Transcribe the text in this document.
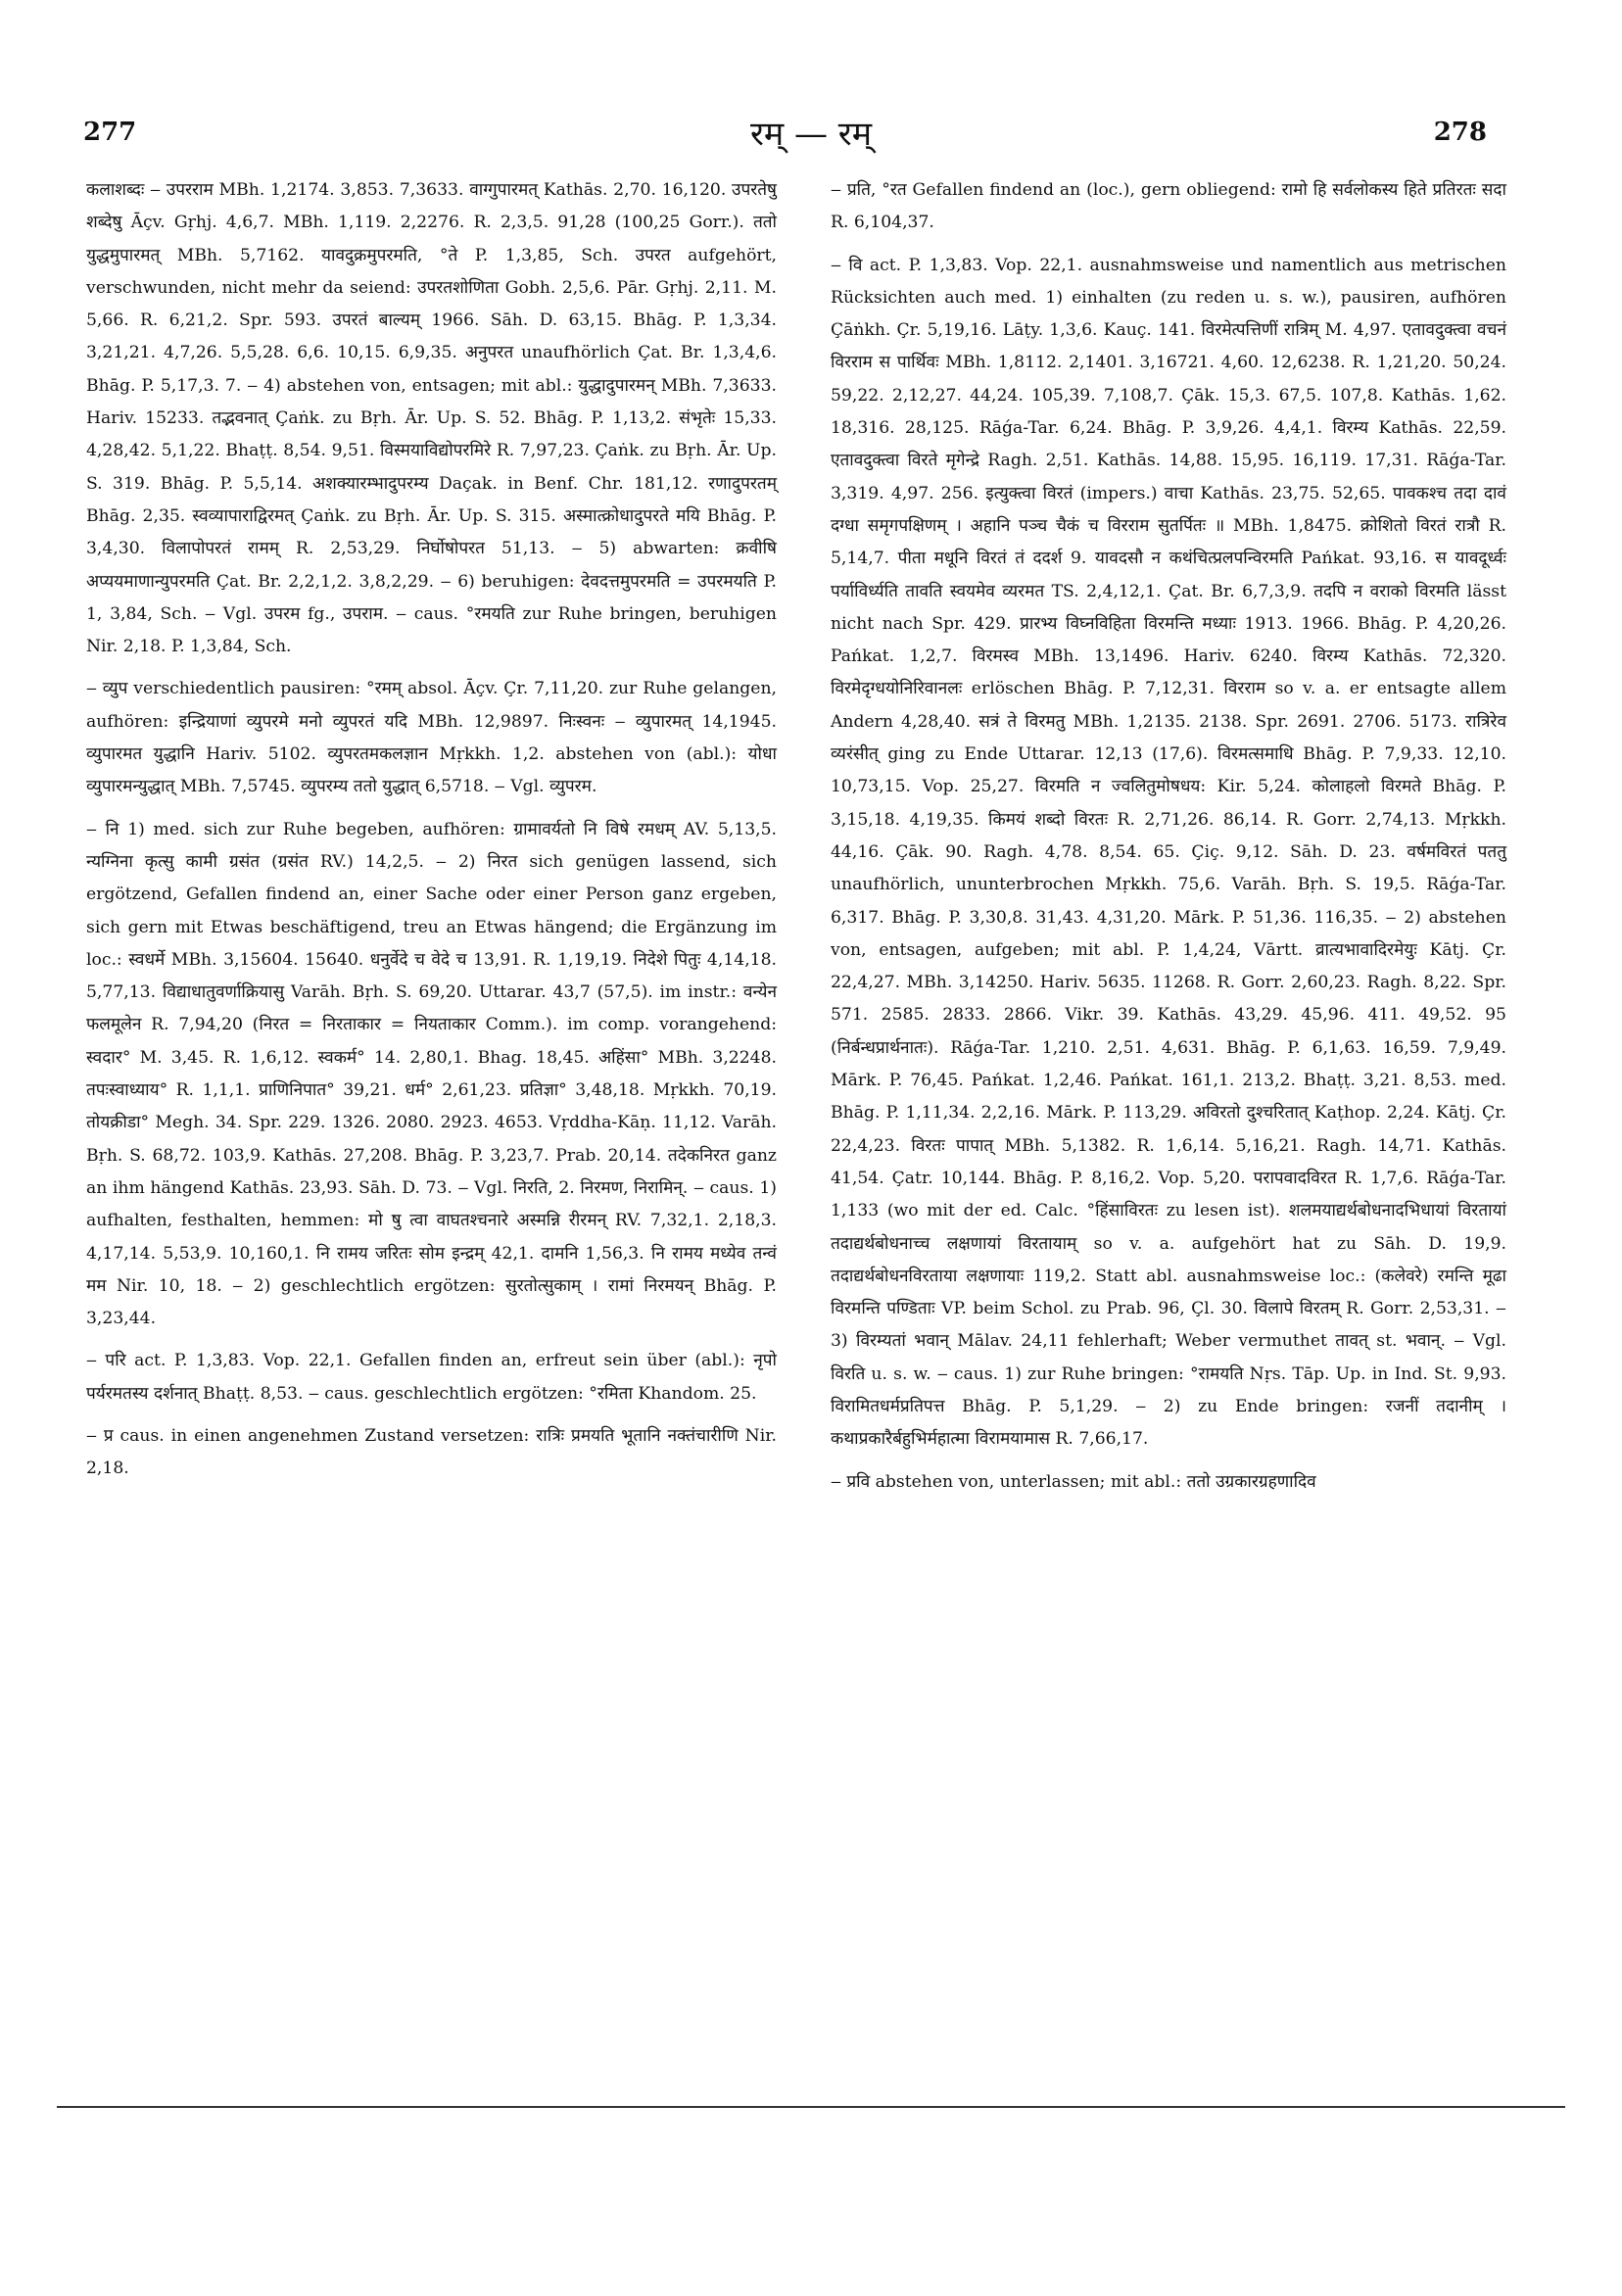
277	रम् — रम्	278

कलाशब्दः ‒ उपरराम MBh. 1,2174. 3,853. 7,3633. वाग्गुपारमत् Kathās. 2,70. 16,120. उपरतेषु शब्देषु Āçv. Gṛhj. 4,6,7. MBh. 1,119. 2,2276. R. 2,3,5. 91,28 (100,25 Gorr.). ततो युद्धमुपारमत् MBh. 5,7162. यावदुक्रमुपरमति, °ते P. 1,3,85, Sch. उपरत aufgehört, verschwunden, nicht mehr da seiend: उपरतशोणिता Gobh. 2,5,6. Pār. Gṛhj. 2,11. M. 5,66. R. 6,21,2. Spr. 593. उपरतं बाल्यम् 1966. Sāh. D. 63,15. Bhāg. P. 1,3,34. 3,21,21. 4,7,26. 5,5,28. 6,6. 10,15. 6,9,35. अनुपरत unaufhörlich Çat. Br. 1,3,4,6. Bhāg. P. 5,17,3. 7. ‒ 4) abstehen von, entsagen; mit abl.: युद्धादुपारमन् MBh. 7,3633. Hariv. 15233. तद्भवनात् Çaṅk. zu Bṛh. Ār. Up. S. 52. Bhāg. P. 1,13,2. संभृतेः 15,33. 4,28,42. 5,1,22. Bhaṭṭ. 8,54. 9,51. विस्मयाविद्योपरमिरे R. 7,97,23. Çaṅk. zu Bṛh. Ār. Up. S. 319. Bhāg. P. 5,5,14. अशक्यारम्भादुपरम्य Daçak. in Benf. Chr. 181,12. रणादुपरतम् Bhāg. 2,35. स्वव्यापाराद्विरमत् Çaṅk. zu Bṛh. Ār. Up. S. 315. अस्मात्क्रोधादुपरते मयि Bhāg. P. 3,4,30. विलापोपरतं रामम् R. 2,53,29. निर्घोषोपरत 51,13. ‒ 5) abwarten: क्रवीषि अप्ययमाणान्युपरमति Çat. Br. 2,2,1,2. 3,8,2,29. ‒ 6) beruhigen: देवदत्तमुपरमति = उपरमयति P. 1, 3,84, Sch. ‒ Vgl. उपरम fg., उपराम. ‒ caus. °रमयति zur Ruhe bringen, beruhigen Nir. 2,18. P. 1,3,84, Sch.

‒ व्युप verschiedentlich pausiren: °रमम् absol. Āçv. Çr. 7,11,20. zur Ruhe gelangen, aufhören: इन्द्रियाणां व्युपरमे मनो व्युपरतं यदि MBh. 12,9897. निःस्वनः ‒ व्युपारमत् 14,1945. व्युपारमत युद्धानि Hariv. 5102. व्युपरतमकलज्ञान Mṛkkh. 1,2. abstehen von (abl.): योधा व्युपारमन्युद्धात् MBh. 7,5745. व्युपरम्य ततो युद्धात् 6,5718. ‒ Vgl. व्युपरम.

‒ नि 1) med. sich zur Ruhe begeben, aufhören: ग्रामावर्यतो नि विषे रमधम् AV. 5,13,5. न्यग्निना कृत्सु कामी ग्रसंत (ग्रसंत RV.) 14,2,5. ‒ 2) निरत sich genügen lassend, sich ergötzend, Gefallen findend an, einer Sache oder einer Person ganz ergeben, sich gern mit Etwas beschäftigend, treu an Etwas hängend; die Ergänzung im loc.: स्वधर्मे MBh. 3,15604. 15640. धनुर्वेदे च वेदे च 13,91. R. 1,19,19. निदेशे पितुः 4,14,18. 5,77,13. विद्याधातुवर्णाक्रियासु Varāh. Bṛh. S. 69,20. Uttarar. 43,7 (57,5). im instr.: वन्येन फलमूलेन R. 7,94,20 (निरत = निरताकार = नियताकार Comm.). im comp. vorangehend: स्वदार° M. 3,45. R. 1,6,12. स्वकर्म° 14. 2,80,1. Bhag. 18,45. अहिंसा° MBh. 3,2248. तपःस्वाध्याय° R. 1,1,1. प्राणिनिपात° 39,21. धर्म° 2,61,23. प्रतिज्ञा° 3,48,18. Mṛkkh. 70,19. तोयक्रीडा° Megh. 34. Spr. 229. 1326. 2080. 2923. 4653. Vṛddha-Kāṇ. 11,12. Varāh. Bṛh. S. 68,72. 103,9. Kathās. 27,208. Bhāg. P. 3,23,7. Prab. 20,14. तदेकनिरत ganz an ihm hängend Kathās. 23,93. Sāh. D. 73. ‒ Vgl. निरति, 2. निरमण, निरामिन्. ‒ caus. 1) aufhalten, festhalten, hemmen: मो षु त्वा वाघतश्चनारे अस्मन्नि रीरमन् RV. 7,32,1. 2,18,3. 4,17,14. 5,53,9. 10,160,1. नि रामय जरितः सोम इन्द्रम् 42,1. दामनि 1,56,3. नि रामय मध्येव तन्वं मम Nir. 10, 18. ‒ 2) geschlechtlich ergötzen: सुरतोत्सुकाम् । रामां निरमयन् Bhāg. P. 3,23,44.

‒ परि act. P. 1,3,83. Vop. 22,1. Gefallen finden an, erfreut sein über (abl.): नृपो पर्यरमतस्य दर्शनात् Bhaṭṭ. 8,53. ‒ caus. geschlechtlich ergötzen: °रमिता Khandom. 25.

‒ प्र caus. in einen angenehmen Zustand versetzen: रात्रिः प्रमयति भूतानि नक्तंचारीणि Nir. 2,18.

‒ प्रति, °रत Gefallen findend an (loc.), gern obliegend: रामो हि सर्वलोकस्य हिते प्रतिरतः सदा R. 6,104,37.

‒ वि act. P. 1,3,83. Vop. 22,1. ausnahmsweise und namentlich aus metrischen Rücksichten auch med. 1) einhalten (zu reden u. s. w.), pausiren, aufhören Çāṅkh. Çr. 5,19,16. Lāṭy. 1,3,6. Kauç. 141. विरमेत्पत्तिणीं रात्रिम् M. 4,97. एतावदुक्त्वा वचनं विरराम स पार्थिवः MBh. 1,8112. 2,1401. 3,16721. 4,60. 12,6238. R. 1,21,20. 50,24. 59,22. 2,12,27. 44,24. 105,39. 7,108,7. Çāk. 15,3. 67,5. 107,8. Kathās. 1,62. 18,316. 28,125. Rāǵa-Tar. 6,24. Bhāg. P. 3,9,26. 4,4,1. विरम्य Kathās. 22,59. एतावदुक्त्वा विरते मृगेन्द्रे Ragh. 2,51. Kathās. 14,88. 15,95. 16,119. 17,31. Rāǵa-Tar. 3,319. 4,97. 256. इत्युक्त्वा विरतं (impers.) वाचा Kathās. 23,75. 52,65. पावकश्च तदा दावं दग्धा समृगपक्षिणम् । अहानि पञ्च चैकं च विरराम सुतर्पितः ॥ MBh. 1,8475. क्रोशितो विरतं रात्रौ R. 5,14,7. पीता मधूनि विरतं तं ददर्श 9. यावदसौ न कथंचित्प्रलपन्विरमति Pańkat. 93,16. स यावदूर्ध्वः पर्याविर्ध्यति तावति स्वयमेव व्यरमत TS. 2,4,12,1. Çat. Br. 6,7,3,9. तदपि न वराको विरमति lässt nicht nach Spr. 429. प्रारभ्य विघ्नविहिता विरमन्ति मध्याः 1913. 1966. Bhāg. P. 4,20,26. Pańkat. 1,2,7. विरमस्व MBh. 13,1496. Hariv. 6240. विरम्य Kathās. 72,320. विरमेदृग्धयोनिरिवानलः erlöschen Bhāg. P. 7,12,31. विरराम so v. a. er entsagte allem Andern 4,28,40. सत्रं ते विरमतु MBh. 1,2135. 2138. Spr. 2691. 2706. 5173. रात्रिरेव व्यरंसीत् ging zu Ende Uttarar. 12,13 (17,6). विरमत्समाधि Bhāg. P. 7,9,33. 12,10. 10,73,15. Vop. 25,27. विरमति न ज्वलितुमोषधय: Kir. 5,24. कोलाहलो विरमते Bhāg. P. 3,15,18. 4,19,35. किमयं शब्दो विरतः R. 2,71,26. 86,14. R. Gorr. 2,74,13. Mṛkkh. 44,16. Çāk. 90. Ragh. 4,78. 8,54. 65. Çiç. 9,12. Sāh. D. 23. वर्षमविरतं पततु unaufhörlich, ununterbrochen Mṛkkh. 75,6. Varāh. Bṛh. S. 19,5. Rāǵa-Tar. 6,317. Bhāg. P. 3,30,8. 31,43. 4,31,20. Mārk. P. 51,36. 116,35. ‒ 2) abstehen von, entsagen, aufgeben; mit abl. P. 1,4,24, Vārtt. व्रात्यभावादिरमेयुः Kātj. Çr. 22,4,27. MBh. 3,14250. Hariv. 5635. 11268. R. Gorr. 2,60,23. Ragh. 8,22. Spr. 571. 2585. 2833. 2866. Vikr. 39. Kathās. 43,29. 45,96. 411. 49,52. 95 (निर्बन्धप्रार्थनातः). Rāǵa-Tar. 1,210. 2,51. 4,631. Bhāg. P. 6,1,63. 16,59. 7,9,49. Mārk. P. 76,45. Pańkat. 1,2,46. Pańkat. 161,1. 213,2. Bhaṭṭ. 3,21. 8,53. med. Bhāg. P. 1,11,34. 2,2,16. Mārk. P. 113,29. अविरतो दुश्चरितात् Kaṭhop. 2,24. Kātj. Çr. 22,4,23. विरतः पापात् MBh. 5,1382. R. 1,6,14. 5,16,21. Ragh. 14,71. Kathās. 41,54. Çatr. 10,144. Bhāg. P. 8,16,2. Vop. 5,20. परापवादविरत R. 1,7,6. Rāǵa-Tar. 1,133 (wo mit der ed. Calc. °हिंसाविरतः zu lesen ist). शलमयाद्यर्थबोधनादभिधायां विरतायां तदाद्यर्थबोधनाच्च लक्षणायां विरतायाम् so v. a. aufgehört hat zu Sāh. D. 19,9. तदाद्यर्थबोधनविरताया लक्षणायाः 119,2. Statt abl. ausnahmsweise loc.: (कलेवरे) रमन्ति मूढा विरमन्ति पण्डिताः VP. beim Schol. zu Prab. 96, Çl. 30. विलापे विरतम् R. Gorr. 2,53,31. ‒ 3) विरम्यतां भवान् Mālav. 24,11 fehlerhaft; Weber vermuthet तावत् st. भवान्. ‒ Vgl. विरति u. s. w. ‒ caus. 1) zur Ruhe bringen: °रामयति Nṛs. Tāp. Up. in Ind. St. 9,93. विरामितधर्मप्रतिपत्त Bhāg. P. 5,1,29. ‒ 2) zu Ende bringen: रजनीं तदानीम् । कथाप्रकारैर्बहुभिर्महात्मा विरामयामास R. 7,66,17.

‒ प्रवि abstehen von, unterlassen; mit abl.: ततो उग्रकारग्रहणादिव
